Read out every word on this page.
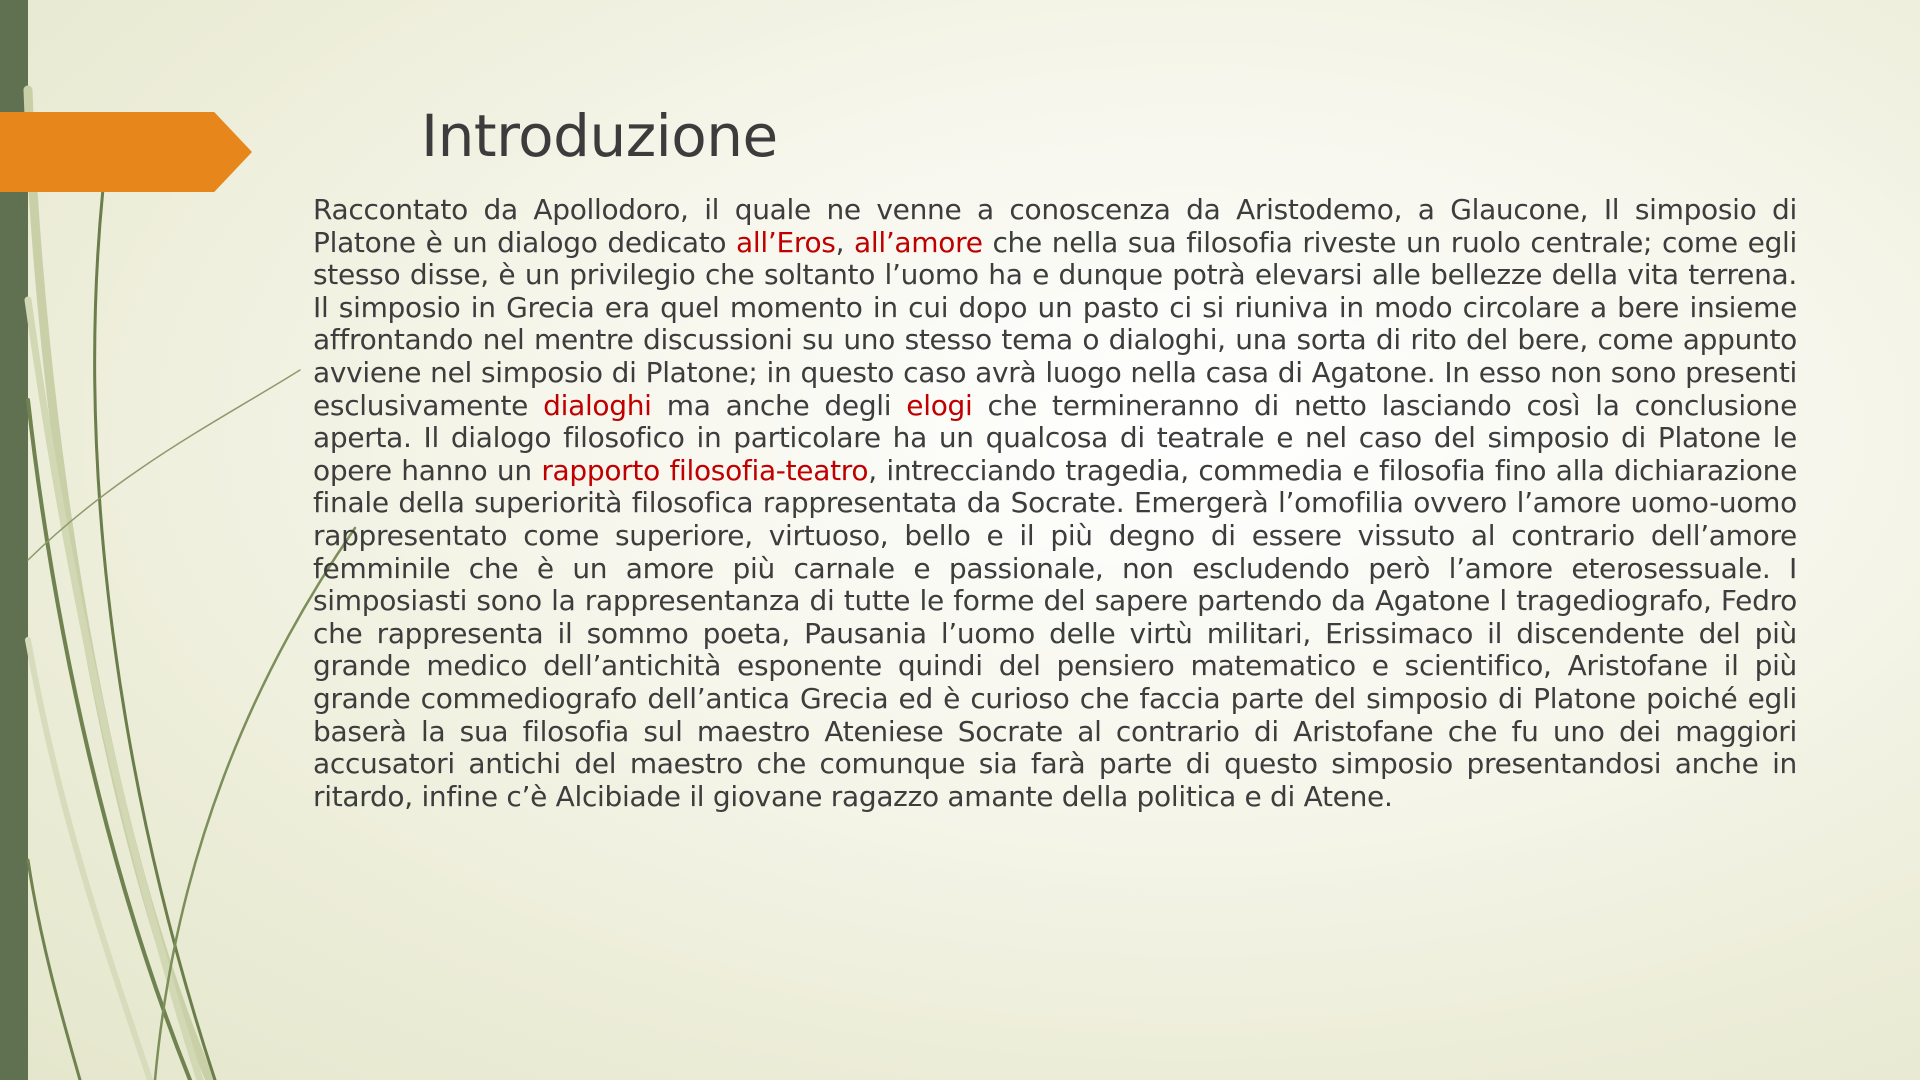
Introduzione

Raccontato da Apollodoro, il quale ne venne a conoscenza da Aristodemo, a Glaucone, Il simposio di Platone è un dialogo dedicato all’Eros, all’amore che nella sua filosofia riveste un ruolo centrale; come egli stesso disse, è un privilegio che soltanto l’uomo ha e dunque potrà elevarsi alle bellezze della vita terrena. Il simposio in Grecia era quel momento in cui dopo un pasto ci si riuniva in modo circolare a bere insieme affrontando nel mentre discussioni su uno stesso tema o dialoghi, una sorta di rito del bere, come appunto avviene nel simposio di Platone; in questo caso avrà luogo nella casa di Agatone. In esso non sono presenti esclusivamente dialoghi ma anche degli elogi che termineranno di netto lasciando così la conclusione aperta. Il dialogo filosofico in particolare ha un qualcosa di teatrale e nel caso del simposio di Platone le opere hanno un rapporto filosofia-teatro, intrecciando tragedia, commedia e filosofia fino alla dichiarazione finale della superiorità filosofica rappresentata da Socrate. Emergerà l’omofilia ovvero l’amore uomo-uomo rappresentato come superiore, virtuoso, bello e il più degno di essere vissuto al contrario dell’amore femminile che è un amore più carnale e passionale, non escludendo però l’amore eterosessuale. I simposiasti sono la rappresentanza di tutte le forme del sapere partendo da Agatone l tragediografo, Fedro che rappresenta il sommo poeta, Pausania l’uomo delle virtù militari, Erissimaco il discendente del più grande medico dell’antichità esponente quindi del pensiero matematico e scientifico, Aristofane il più grande commediografo dell’antica Grecia ed è curioso che faccia parte del simposio di Platone poiché egli baserà la sua filosofia sul maestro Ateniese Socrate al contrario di Aristofane che fu uno dei maggiori accusatori antichi del maestro che comunque sia farà parte di questo simposio presentandosi anche in ritardo, infine c’è Alcibiade il giovane ragazzo amante della politica e di Atene.
